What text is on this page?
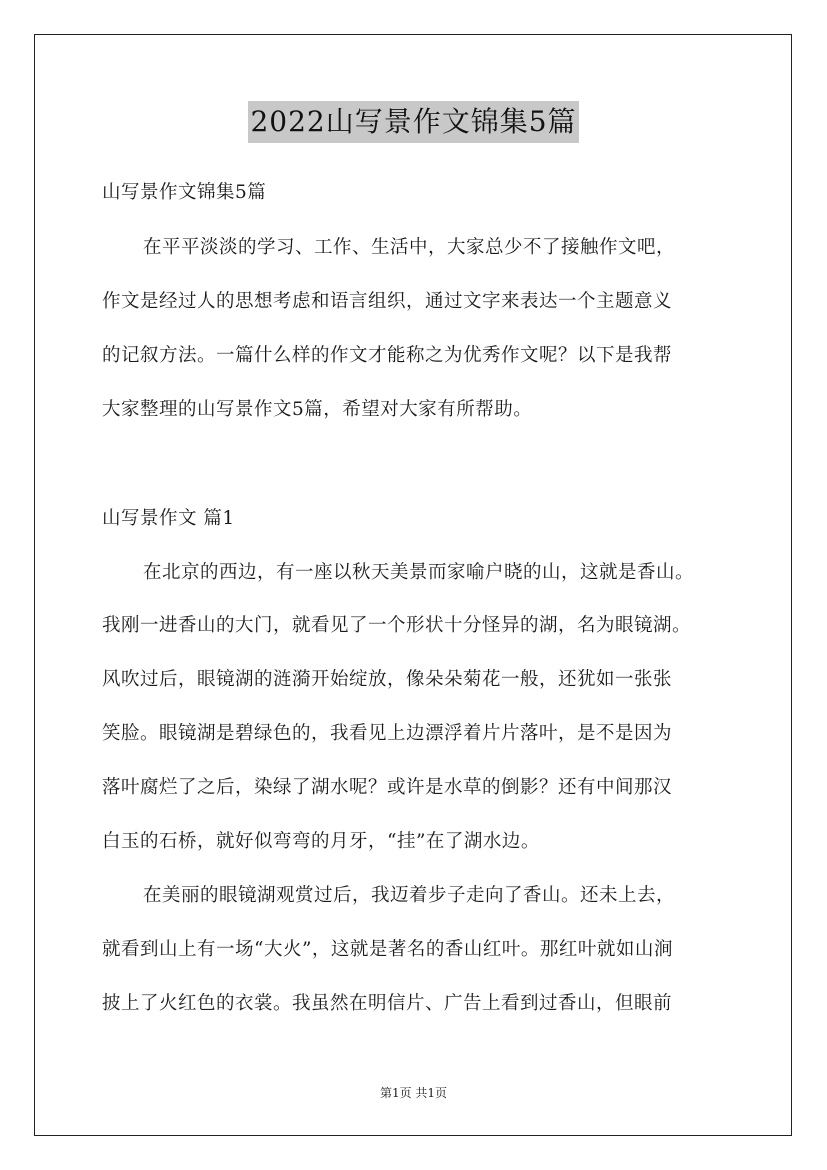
2022山写景作文锦集5篇
山写景作文锦集5篇
在平平淡淡的学习、工作、生活中，大家总少不了接触作文吧，
作文是经过人的思想考虑和语言组织，通过文字来表达一个主题意义
的记叙方法。一篇什么样的作文才能称之为优秀作文呢？以下是我帮
大家整理的山写景作文5篇，希望对大家有所帮助。
山写景作文 篇1
在北京的西边，有一座以秋天美景而家喻户晓的山，这就是香山。
我刚一进香山的大门，就看见了一个形状十分怪异的湖，名为眼镜湖。
风吹过后，眼镜湖的涟漪开始绽放，像朵朵菊花一般，还犹如一张张
笑脸。眼镜湖是碧绿色的，我看见上边漂浮着片片落叶，是不是因为
落叶腐烂了之后，染绿了湖水呢？或许是水草的倒影？还有中间那汉
白玉的石桥，就好似弯弯的月牙，“挂”在了湖水边。
在美丽的眼镜湖观赏过后，我迈着步子走向了香山。还未上去，
就看到山上有一场“大火”，这就是著名的香山红叶。那红叶就如山涧
披上了火红色的衣裳。我虽然在明信片、广告上看到过香山，但眼前
第1页 共1页
